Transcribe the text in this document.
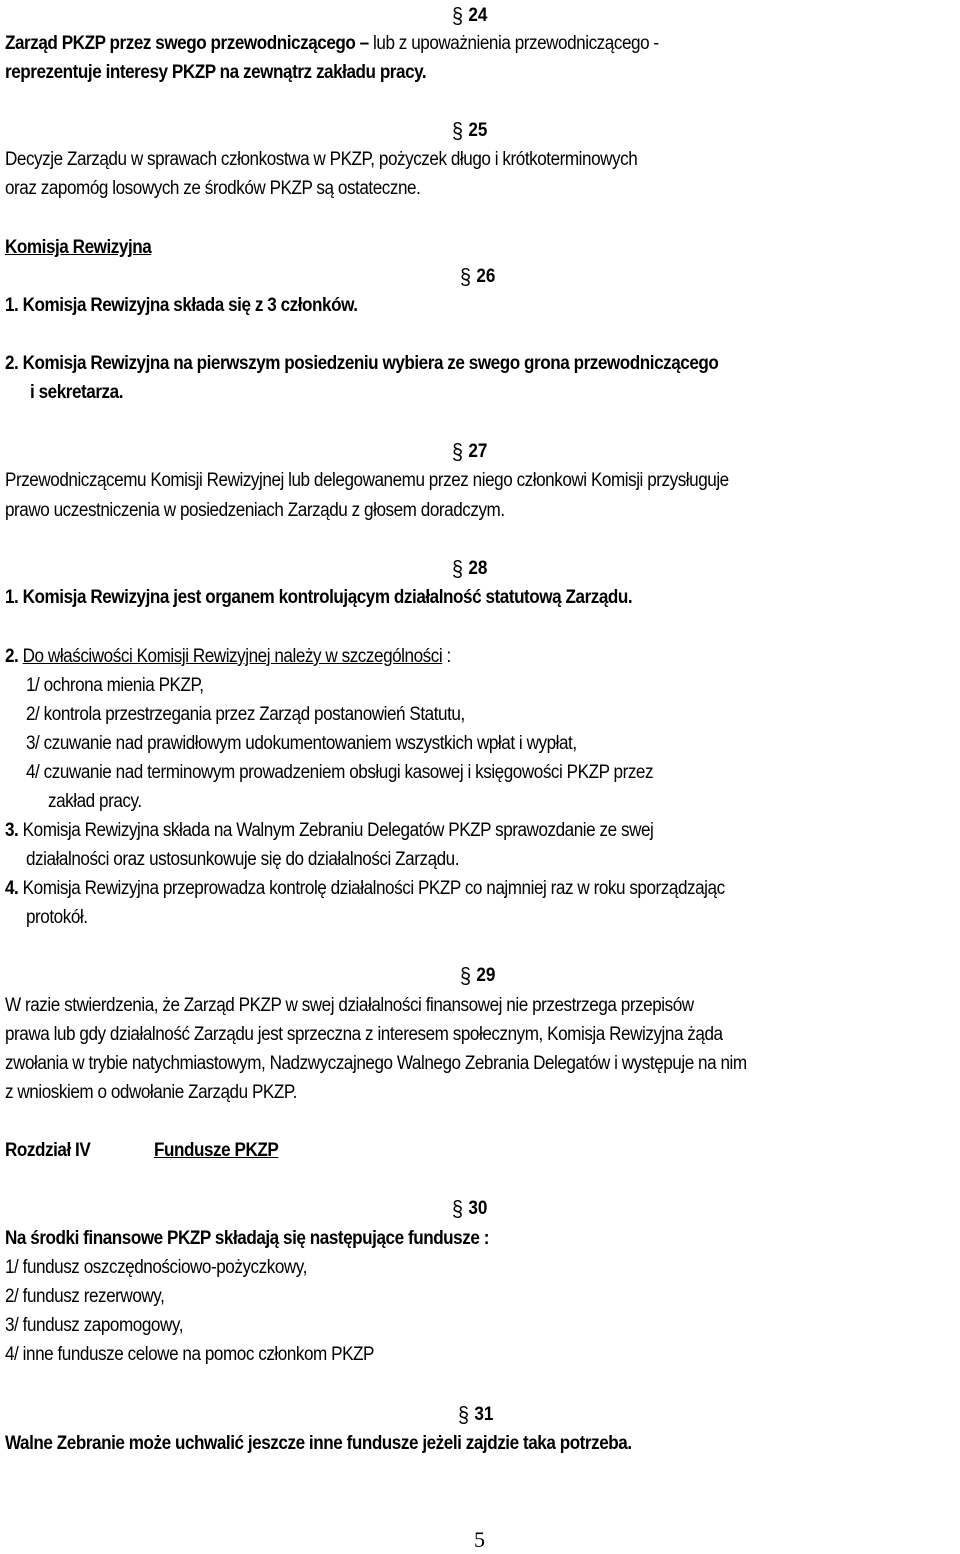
§ 24
Zarząd PKZP przez swego przewodniczącego – lub z upoważnienia przewodniczącego -
reprezentuje interesy PKZP na zewnątrz zakładu pracy.
§ 25
Decyzje Zarządu w sprawach członkostwa w PKZP, pożyczek długo i krótkoterminowych
oraz zapomóg losowych ze środków PKZP są ostateczne.
Komisja Rewizyjna
§ 26
1. Komisja Rewizyjna składa się z 3 członków.
2. Komisja Rewizyjna na pierwszym posiedzeniu wybiera ze swego grona przewodniczącego
i sekretarza.
§ 27
Przewodniczącemu Komisji Rewizyjnej lub delegowanemu przez niego członkowi Komisji przysługuje
prawo uczestniczenia w posiedzeniach Zarządu z głosem doradczym.
§ 28
1. Komisja Rewizyjna jest organem kontrolującym działalność statutową Zarządu.
2. Do właściwości Komisji Rewizyjnej należy w szczególności :
1/ ochrona mienia PKZP,
2/ kontrola przestrzegania przez Zarząd postanowień Statutu,
3/ czuwanie nad prawidłowym udokumentowaniem wszystkich wpłat i wypłat,
4/ czuwanie nad terminowym prowadzeniem obsługi kasowej i księgowości PKZP przez
zakład pracy.
3. Komisja Rewizyjna składa na Walnym Zebraniu Delegatów PKZP sprawozdanie ze swej
działalności oraz ustosunkowuje się do działalności Zarządu.
4. Komisja Rewizyjna przeprowadza kontrolę działalności PKZP co najmniej raz w roku sporządzając
protokół.
§ 29
W razie stwierdzenia, że Zarząd PKZP w swej działalności finansowej nie przestrzega przepisów
prawa lub gdy działalność Zarządu jest sprzeczna z interesem społecznym, Komisja Rewizyjna żąda
zwołania w trybie natychmiastowym, Nadzwyczajnego Walnego Zebrania Delegatów i występuje na nim
z wnioskiem o odwołanie Zarządu PKZP.
Rozdział IV	Fundusze PKZP
§ 30
Na środki finansowe PKZP składają się następujące fundusze :
1/ fundusz oszczędnościowo-pożyczkowy,
2/ fundusz rezerwowy,
3/ fundusz zapomogowy,
4/ inne fundusze celowe na pomoc członkom PKZP
§ 31
Walne Zebranie może uchwalić jeszcze inne fundusze jeżeli zajdzie taka potrzeba.
5
